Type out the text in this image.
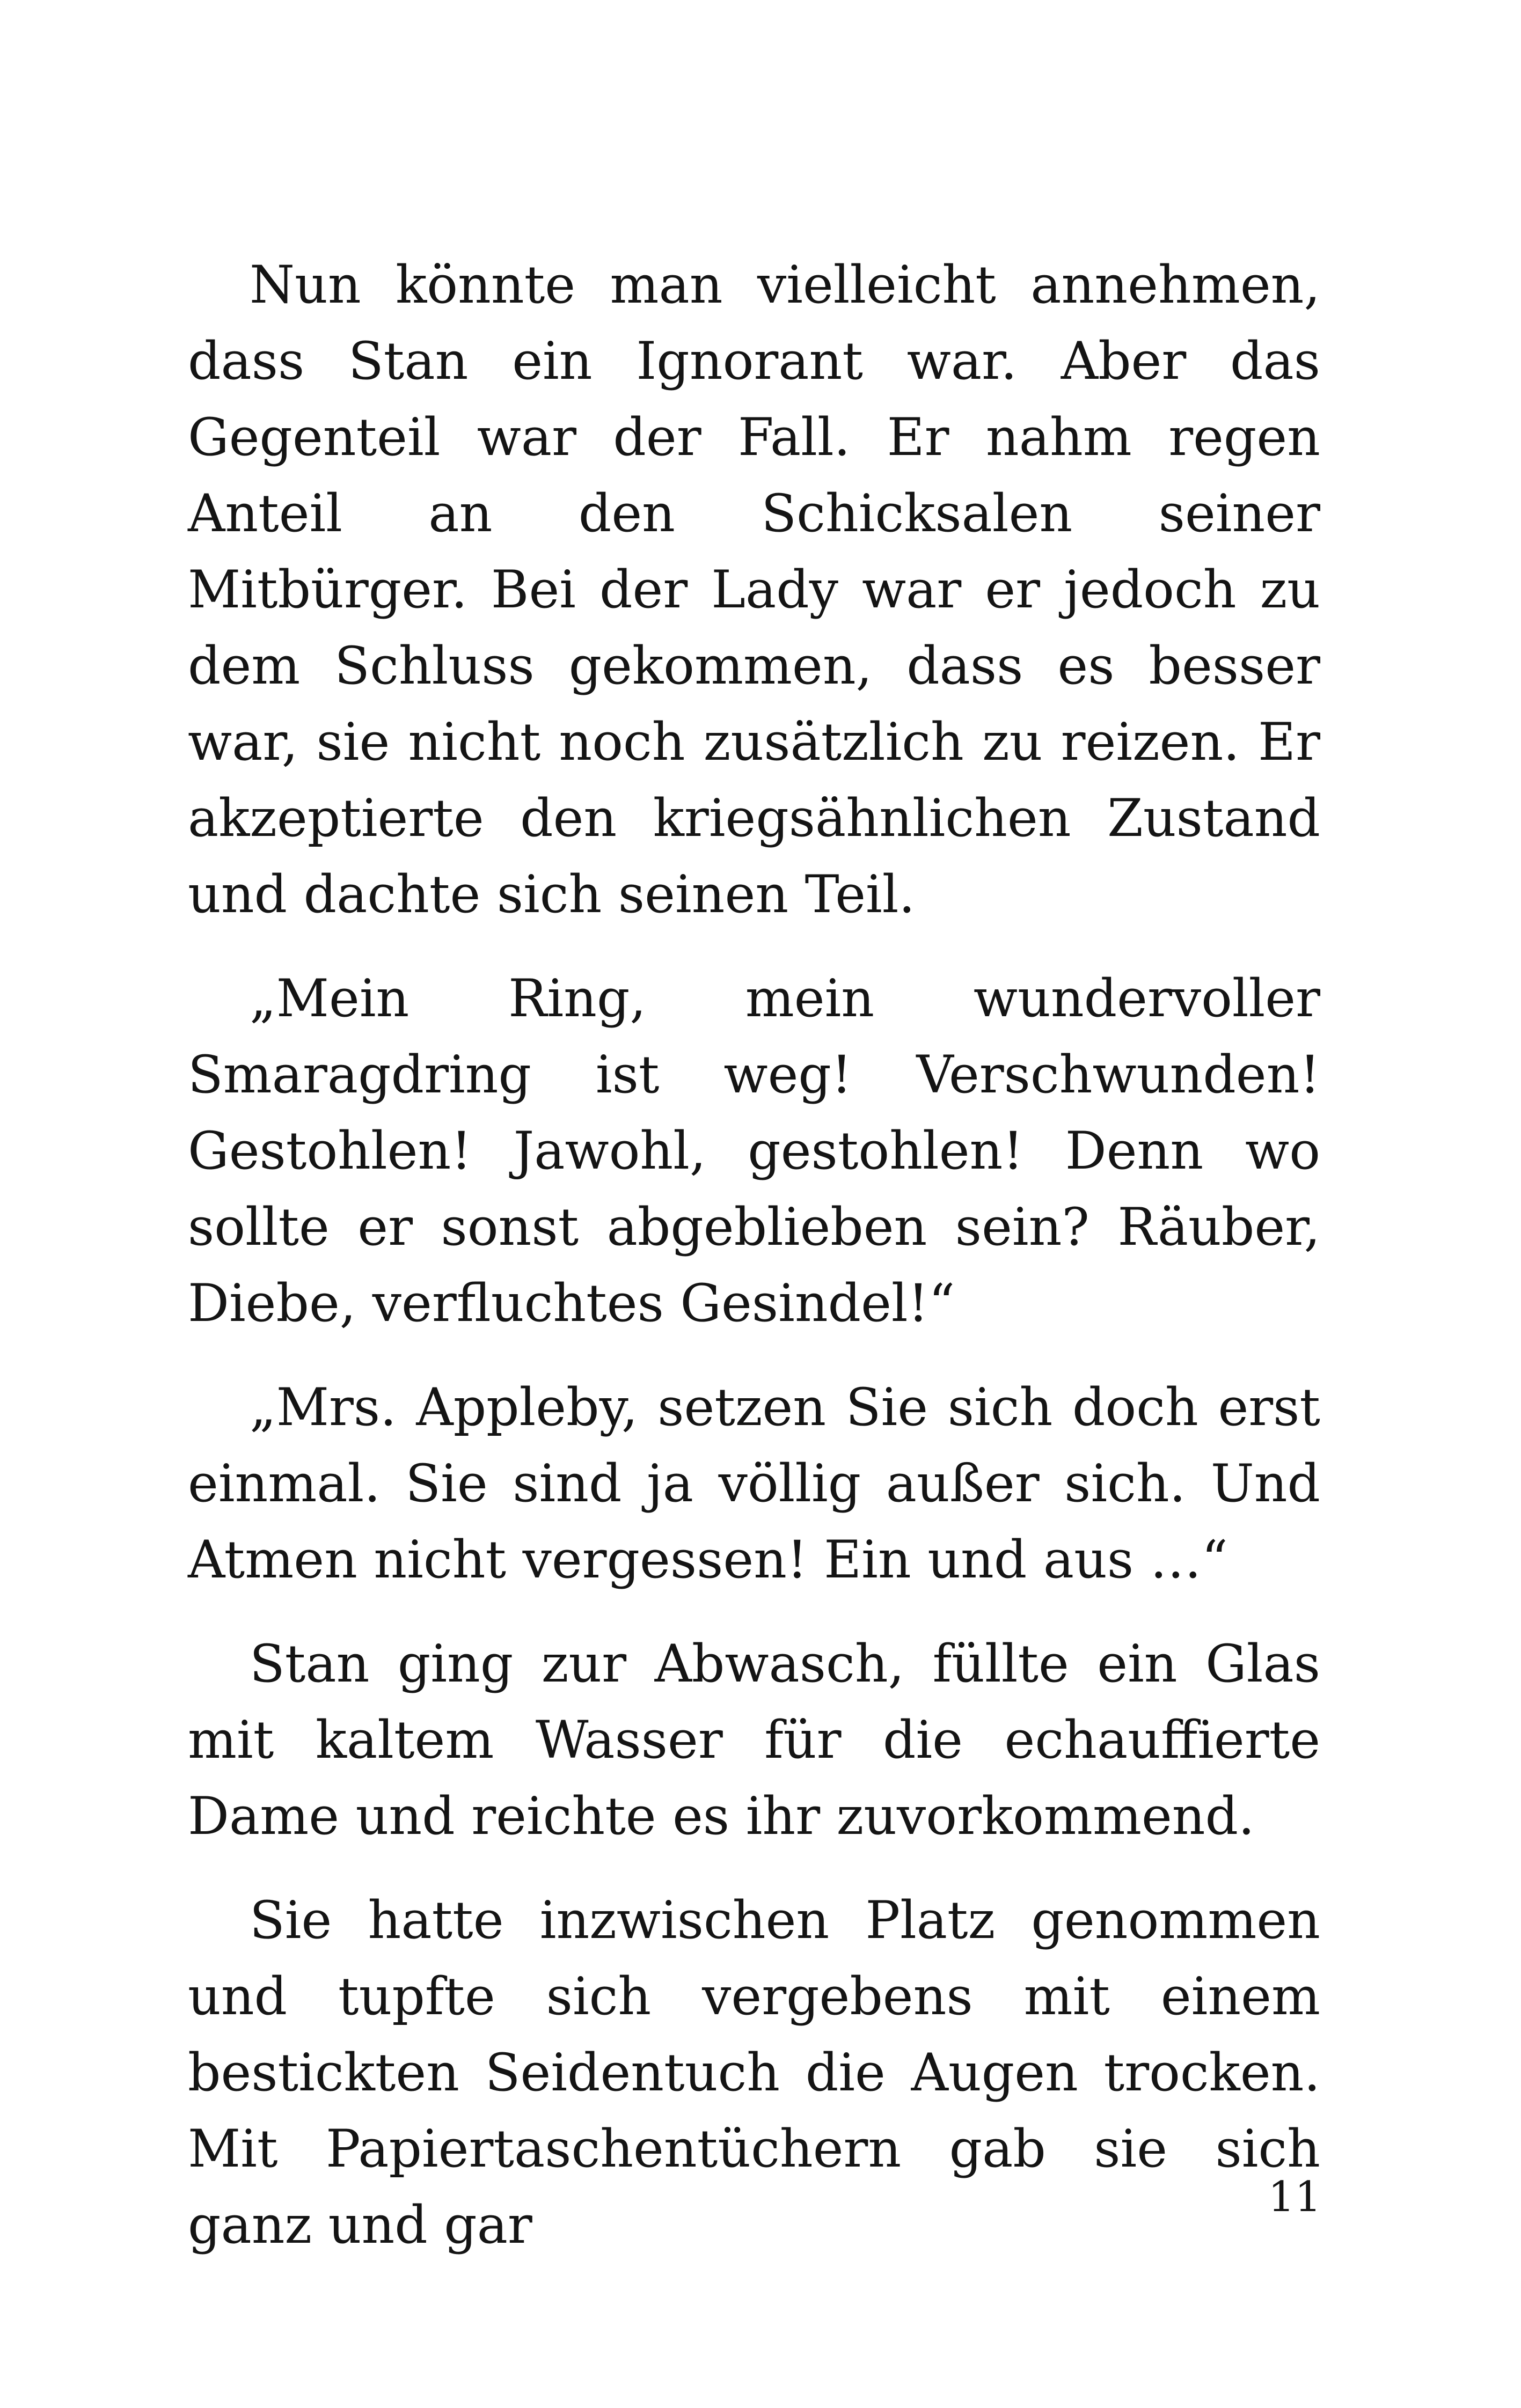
Nun könnte man vielleicht annehmen, dass Stan ein Ignorant war. Aber das Gegenteil war der Fall. Er nahm regen Anteil an den Schicksalen seiner Mitbürger. Bei der Lady war er jedoch zu dem Schluss gekommen, dass es besser war, sie nicht noch zusätzlich zu reizen. Er akzeptierte den kriegsähnlichen Zustand und dachte sich seinen Teil.

„Mein Ring, mein wundervoller Smaragdring ist weg! Verschwunden! Gestohlen! Jawohl, gestohlen! Denn wo sollte er sonst abgeblieben sein? Räuber, Diebe, verfluchtes Gesindel!“

„Mrs. Appleby, setzen Sie sich doch erst einmal. Sie sind ja völlig außer sich. Und Atmen nicht vergessen! Ein und aus …“

Stan ging zur Abwasch, füllte ein Glas mit kaltem Wasser für die echauffierte Dame und reichte es ihr zuvorkommend.

Sie hatte inzwischen Platz genommen und tupfte sich vergebens mit einem bestickten Seidentuch die Augen trocken. Mit Papiertaschentüchern gab sie sich ganz und gar	11
